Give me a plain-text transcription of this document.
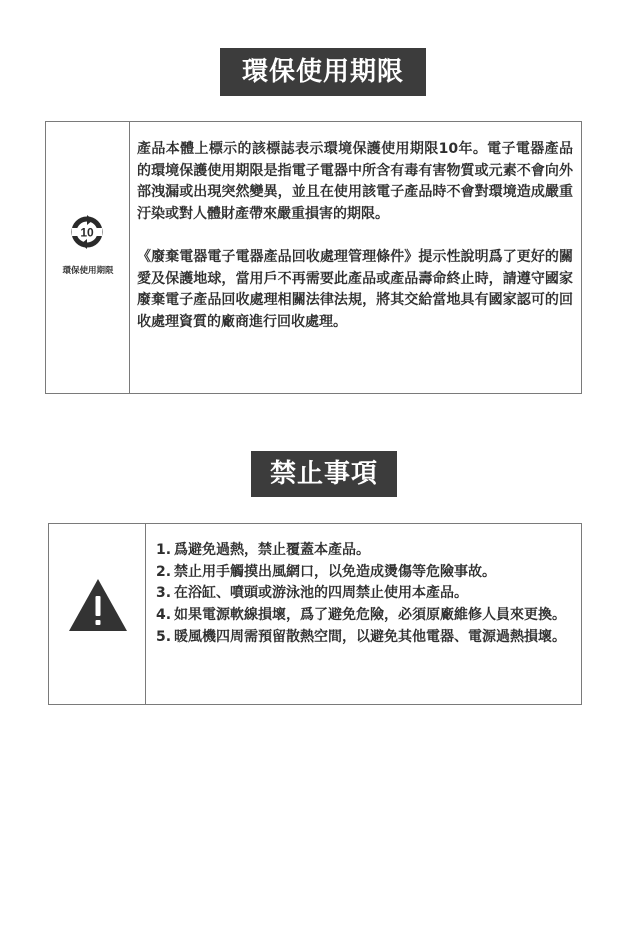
環保使用期限
10
環保使用期限

產品本體上標示的該標誌表示環境保護使用期限10年。電子電器產品的環境保護使用期限是指電子電器中所含有毒有害物質或元素不會向外部洩漏或出現突然變異，並且在使用該電子產品時不會對環境造成嚴重汙染或對人體財產帶來嚴重損害的期限。

《廢棄電器電子電器產品回收處理管理條件》提示性說明爲了更好的關愛及保護地球，當用戶不再需要此產品或產品壽命終止時，請遵守國家廢棄電子產品回收處理相關法律法規，將其交給當地具有國家認可的回收處理資質的廠商進行回收處理。

禁止事項
1. 爲避免過熱，禁止覆蓋本產品。
2. 禁止用手觸摸出風網口，以免造成燙傷等危險事故。
3. 在浴缸、噴頭或游泳池的四周禁止使用本產品。
4. 如果電源軟線損壞，爲了避免危險，必須原廠維修人員來更換。
5. 暖風機四周需預留散熱空間，以避免其他電器、電源過熱損壞。
